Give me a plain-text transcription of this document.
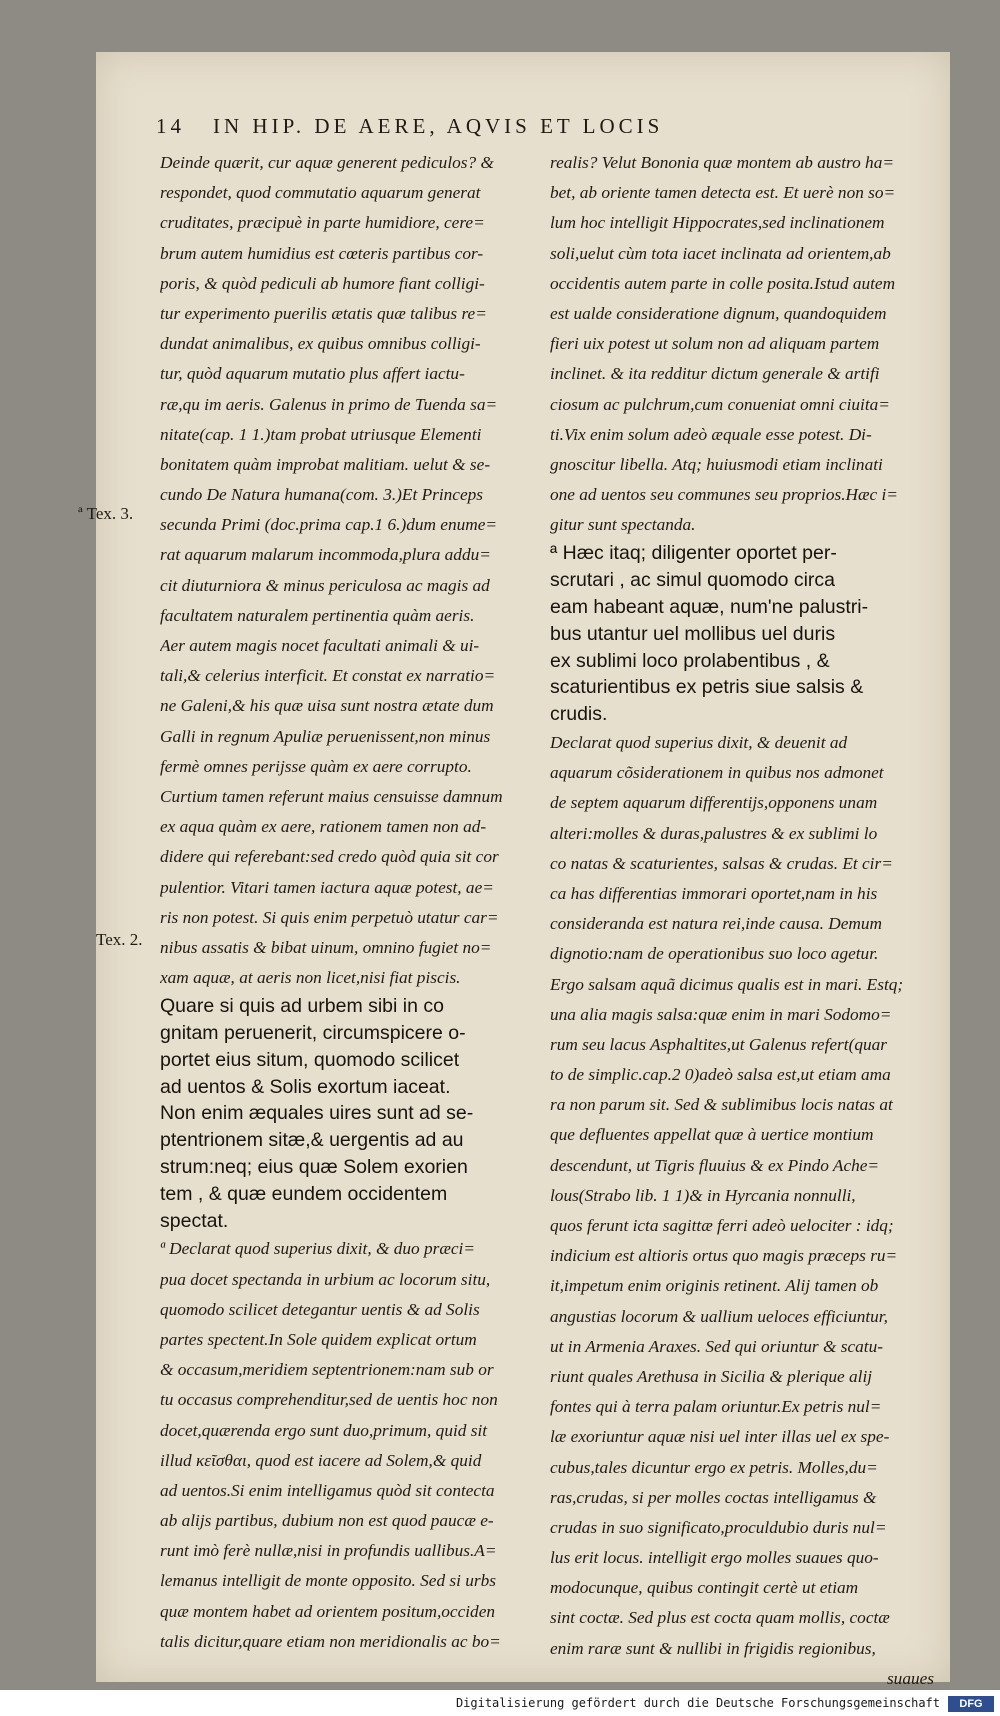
14 IN HIP. DE AERE, AQVIS ET LOCIS
ª Tex. 3.
Tex. 2.
Deinde quærit, cur aquæ generent pediculos? &
respondet, quod commutatio aquarum generat
cruditates, præcipuè in parte humidiore, cere=
brum autem humidius est cœteris partibus cor-
poris, & quòd pediculi ab humore fiant colligi-
tur experimento puerilis ætatis quæ talibus re=
dundat animalibus, ex quibus omnibus colligi-
tur, quòd aquarum mutatio plus affert iactu-
ræ,qu im aeris. Galenus in primo de Tuenda sa=
nitate(cap. 1 1.)tam probat utriusque Elementi
bonitatem quàm improbat malitiam. uelut & se-
cundo De Natura humana(com. 3.)Et Princeps
secunda Primi (doc.prima cap.1 6.)dum enume=
rat aquarum malarum incommoda,plura addu=
cit diuturniora & minus periculosa ac magis ad
facultatem naturalem pertinentia quàm aeris.
Aer autem magis nocet facultati animali & ui-
tali,& celerius interficit. Et constat ex narratio=
ne Galeni,& his quæ uisa sunt nostra ætate dum
Galli in regnum Apuliæ peruenissent,non minus
fermè omnes perijsse quàm ex aere corrupto.
Curtium tamen referunt maius censuisse damnum
ex aqua quàm ex aere, rationem tamen non ad-
didere qui referebant:sed credo quòd quia sit cor
pulentior. Vitari tamen iactura aquæ potest, ae=
ris non potest. Si quis enim perpetuò utatur car=
nibus assatis & bibat uinum, omnino fugiet no=
xam aquæ, at aeris non licet,nisi fiat piscis.
Quare si quis ad urbem sibi in co
gnitam peruenerit, circumspicere o-
portet eius situm, quomodo scilicet
ad uentos & Solis exortum iaceat.
Non enim æquales uires sunt ad se-
ptentrionem sitæ,& uergentis ad au
strum:neq; eius quæ Solem exorien
tem , & quæ eundem occidentem
spectat.
ª Declarat quod superius dixit, & duo præci=
pua docet spectanda in urbium ac locorum situ,
quomodo scilicet detegantur uentis & ad Solis
partes spectent.In Sole quidem explicat ortum
& occasum,meridiem septentrionem:nam sub or
tu occasus comprehenditur,sed de uentis hoc non
docet,quærenda ergo sunt duo,primum, quid sit
illud κεῖσθαι, quod est iacere ad Solem,& quid
ad uentos.Si enim intelligamus quòd sit contecta
ab alijs partibus, dubium non est quod paucæ e-
runt imò ferè nullæ,nisi in profundis uallibus.A=
lemanus intelligit de monte opposito. Sed si urbs
quæ montem habet ad orientem positum,occiden
talis dicitur,quare etiam non meridionalis ac bo=
realis? Velut Bononia quæ montem ab austro ha=
bet, ab oriente tamen detecta est. Et uerè non so=
lum hoc intelligit Hippocrates,sed inclinationem
soli,uelut cùm tota iacet inclinata ad orientem,ab
occidentis autem parte in colle posita.Istud autem
est ualde consideratione dignum, quandoquidem
fieri uix potest ut solum non ad aliquam partem
inclinet. & ita redditur dictum generale & artifi
ciosum ac pulchrum,cum conueniat omni ciuita=
ti.Vix enim solum adeò æquale esse potest. Di-
gnoscitur libella. Atq; huiusmodi etiam inclinati
one ad uentos seu communes seu proprios.Hæc i=
gitur sunt spectanda.
ª Hæc itaq; diligenter oportet per-
scrutari , ac simul quomodo circa
eam habeant aquæ, num'ne palustri-
bus utantur uel mollibus uel duris
ex sublimi loco prolabentibus , &
scaturientibus ex petris siue salsis &
crudis.
Declarat quod superius dixit, & deuenit ad
aquarum cõsiderationem in quibus nos admonet
de septem aquarum differentijs,opponens unam
alteri:molles & duras,palustres & ex sublimi lo
co natas & scaturientes, salsas & crudas. Et cir=
ca has differentias immorari oportet,nam in his
consideranda est natura rei,inde causa. Demum
dignotio:nam de operationibus suo loco agetur.
Ergo salsam aquã dicimus qualis est in mari. Estq;
una alia magis salsa:quæ enim in mari Sodomo=
rum seu lacus Asphaltites,ut Galenus refert(quar
to de simplic.cap.2 0)adeò salsa est,ut etiam ama
ra non parum sit. Sed & sublimibus locis natas at
que defluentes appellat quæ à uertice montium
descendunt, ut Tigris fluuius & ex Pindo Ache=
lous(Strabo lib. 1 1)& in Hyrcania nonnulli,
quos ferunt icta sagittæ ferri adeò uelociter : idq;
indicium est altioris ortus quo magis præceps ru=
it,impetum enim originis retinent. Alij tamen ob
angustias locorum & uallium ueloces efficiuntur,
ut in Armenia Araxes. Sed qui oriuntur & scatu-
riunt quales Arethusa in Sicilia & plerique alij
fontes qui à terra palam oriuntur.Ex petris nul=
læ exoriuntur aquæ nisi uel inter illas uel ex spe-
cubus,tales dicuntur ergo ex petris. Molles,du=
ras,crudas, si per molles coctas intelligamus &
crudas in suo significato,proculdubio duris nul=
lus erit locus. intelligit ergo molles suaues quo-
modocunque, quibus contingit certè ut etiam
sint coctæ. Sed plus est cocta quam mollis, coctæ
enim raræ sunt & nullibi in frigidis regionibus,
suaues
Digitalisierung gefördert durch die Deutsche Forschungsgemeinschaft	DFG
